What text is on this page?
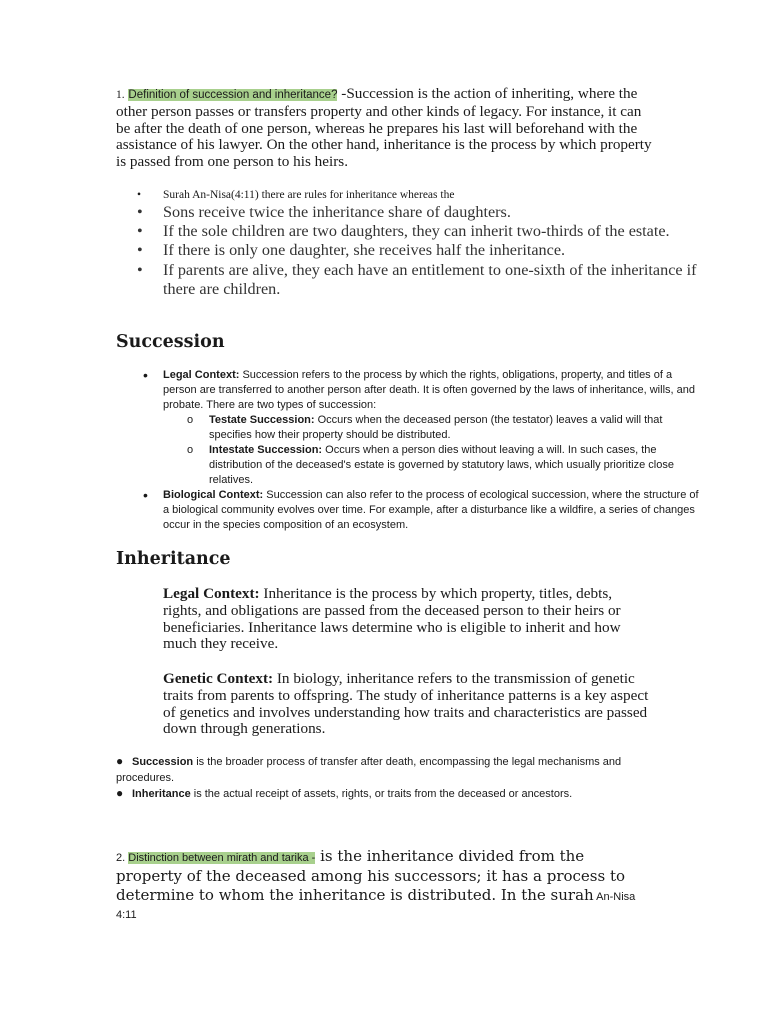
1. Definition of succession and inheritance? -Succession is the action of inheriting, where the other person passes or transfers property and other kinds of legacy. For instance, it can be after the death of one person, whereas he prepares his last will beforehand with the assistance of his lawyer. On the other hand, inheritance is the process by which property is passed from one person to his heirs.

• Surah An-Nisa(4:11) there are rules for inheritance whereas the
• Sons receive twice the inheritance share of daughters.
• If the sole children are two daughters, they can inherit two-thirds of the estate.
• If there is only one daughter, she receives half the inheritance.
• If parents are alive, they each have an entitlement to one-sixth of the inheritance if there are children.
Succession
• Legal Context: Succession refers to the process by which the rights, obligations, property, and titles of a person are transferred to another person after death. It is often governed by the laws of inheritance, wills, and probate. There are two types of succession:
o Testate Succession: Occurs when the deceased person (the testator) leaves a valid will that specifies how their property should be distributed.
o Intestate Succession: Occurs when a person dies without leaving a will. In such cases, the distribution of the deceased's estate is governed by statutory laws, which usually prioritize close relatives.
• Biological Context: Succession can also refer to the process of ecological succession, where the structure of a biological community evolves over time. For example, after a disturbance like a wildfire, a series of changes occur in the species composition of an ecosystem.
Inheritance

Legal Context: Inheritance is the process by which property, titles, debts, rights, and obligations are passed from the deceased person to their heirs or beneficiaries. Inheritance laws determine who is eligible to inherit and how much they receive.

Genetic Context: In biology, inheritance refers to the transmission of genetic traits from parents to offspring. The study of inheritance patterns is a key aspect of genetics and involves understanding how traits and characteristics are passed down through generations.

● Succession is the broader process of transfer after death, encompassing the legal mechanisms and procedures.
● Inheritance is the actual receipt of assets, rights, or traits from the deceased or ancestors.

2. Distinction between mirath and tarika - is the inheritance divided from the property of the deceased among his successors; it has a process to determine to whom the inheritance is distributed. In the surah An-Nisa 4:11
